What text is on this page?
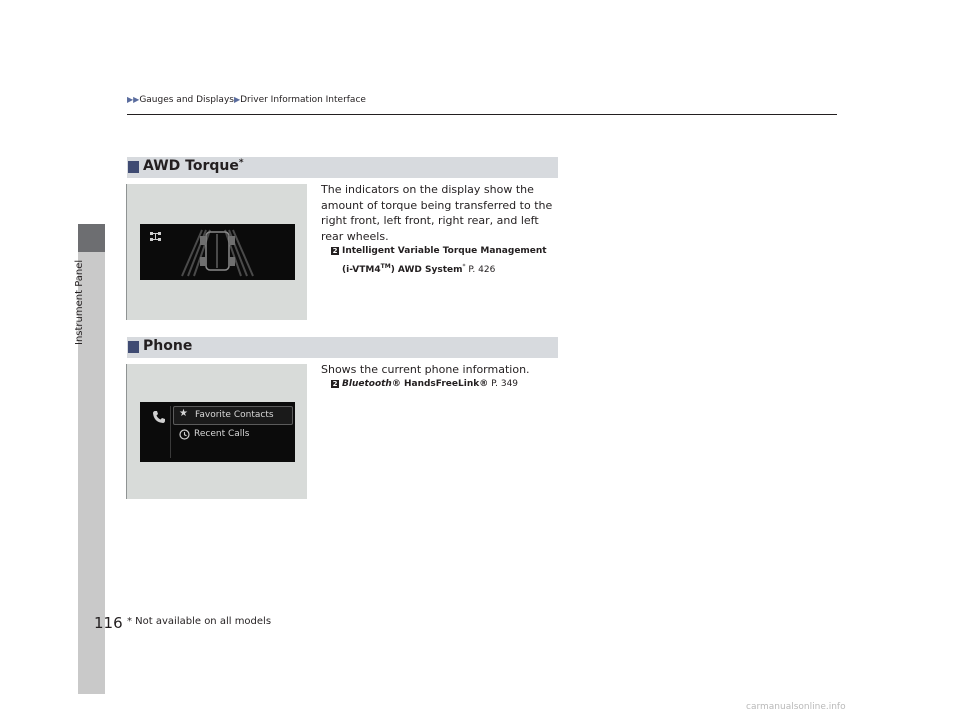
Instrument Panel
▶▶Gauges and Displays▶Driver Information Interface
AWD Torque*
The indicators on the display show the amount of torque being transferred to the right front, left front, right rear, and left rear wheels.
2 Intelligent Variable Torque Management
(i-VTM4™) AWD System* P. 426
Phone
★ Favorite Contacts
Recent Calls
Shows the current phone information.
2 Bluetooth® HandsFreeLink® P. 349
116 * Not available on all models
carmanualsonline.info
